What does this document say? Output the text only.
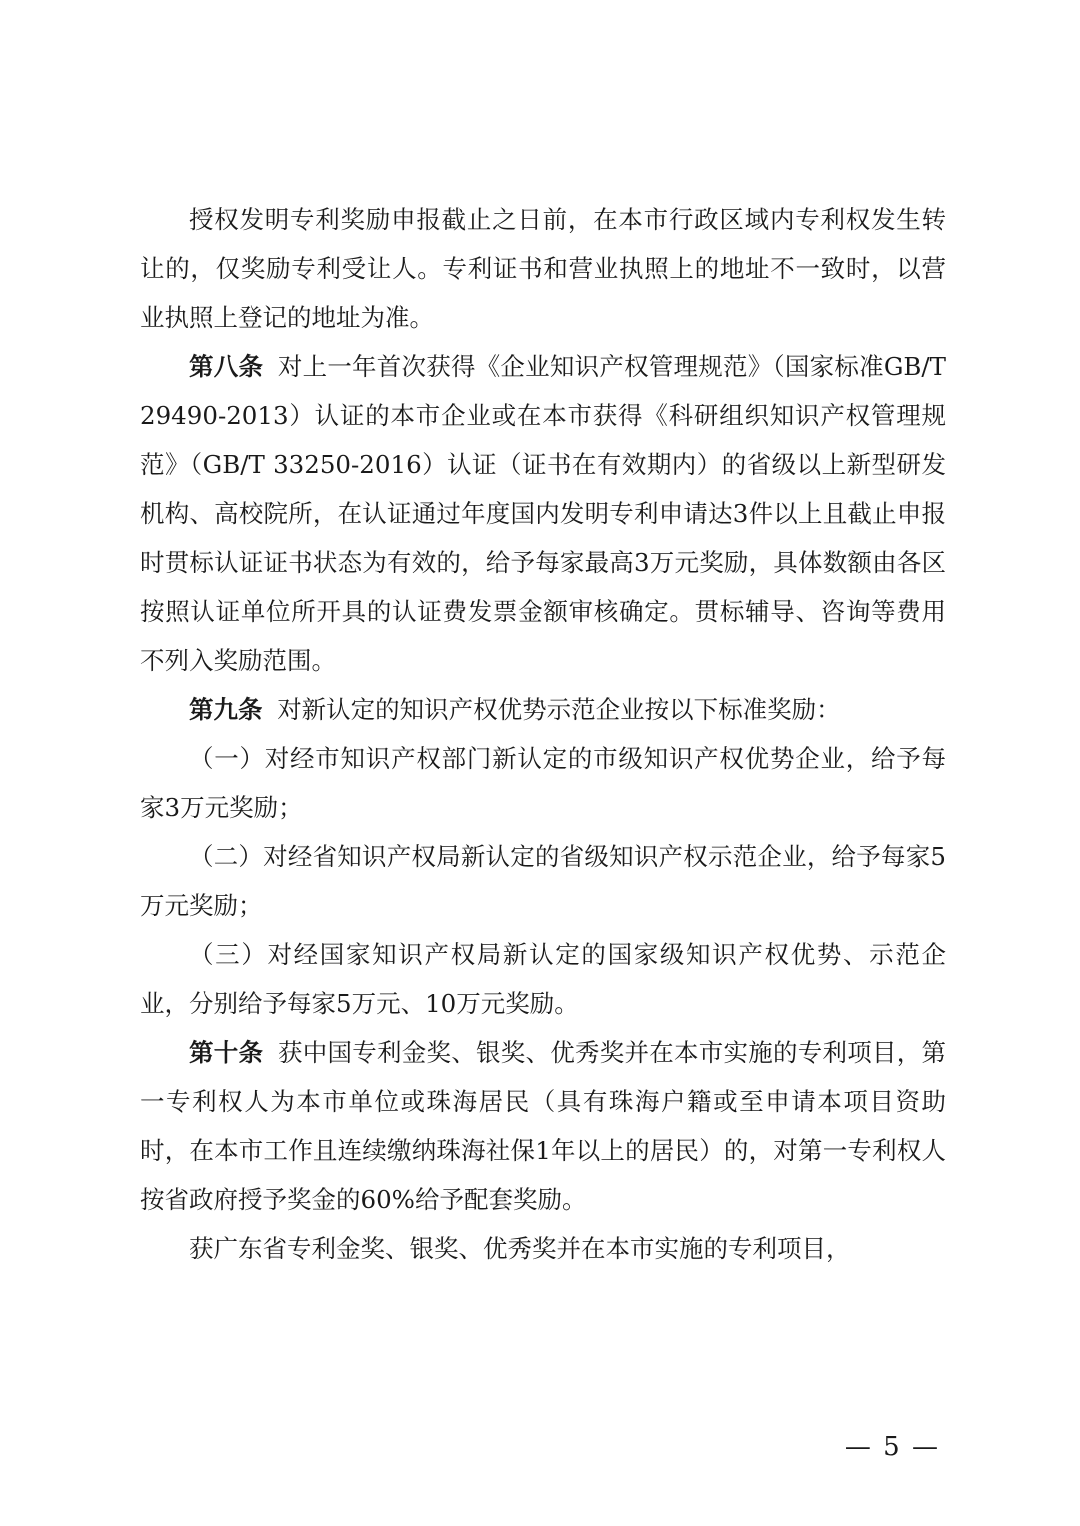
授权发明专利奖励申报截止之日前，在本市行政区域内专利权发生转让的，仅奖励专利受让人。专利证书和营业执照上的地址不一致时，以营业执照上登记的地址为准。

第八条 对上一年首次获得《企业知识产权管理规范》（国家标准GB/T 29490-2013）认证的本市企业或在本市获得《科研组织知识产权管理规范》（GB/T 33250-2016）认证（证书在有效期内）的省级以上新型研发机构、高校院所，在认证通过年度国内发明专利申请达3件以上且截止申报时贯标认证证书状态为有效的，给予每家最高3万元奖励，具体数额由各区按照认证单位所开具的认证费发票金额审核确定。贯标辅导、咨询等费用不列入奖励范围。

第九条 对新认定的知识产权优势示范企业按以下标准奖励：

（一）对经市知识产权部门新认定的市级知识产权优势企业，给予每家3万元奖励；

（二）对经省知识产权局新认定的省级知识产权示范企业，给予每家5万元奖励；

（三）对经国家知识产权局新认定的国家级知识产权优势、示范企业，分别给予每家5万元、10万元奖励。

第十条 获中国专利金奖、银奖、优秀奖并在本市实施的专利项目，第一专利权人为本市单位或珠海居民（具有珠海户籍或至申请本项目资助时，在本市工作且连续缴纳珠海社保1年以上的居民）的，对第一专利权人按省政府授予奖金的60%给予配套奖励。

获广东省专利金奖、银奖、优秀奖并在本市实施的专利项目，

— 5 —
